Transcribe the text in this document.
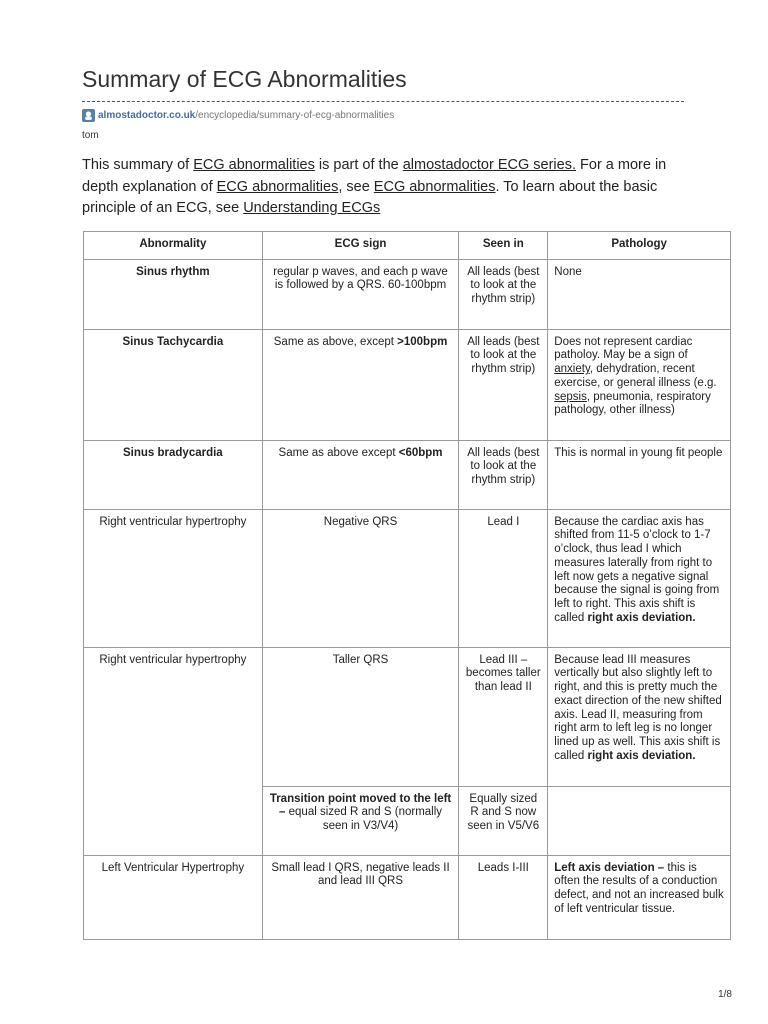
Summary of ECG Abnormalities
almostadoctor.co.uk /encyclopedia/summary-of-ecg-abnormalities
tom

This summary of ECG abnormalities is part of the almostadoctor ECG series. For a more in depth explanation of ECG abnormalities, see ECG abnormalities. To learn about the basic principle of an ECG, see Understanding ECGs

Abnormality	ECG sign	Seen in	Pathology
Sinus rhythm	regular p waves, and each p wave is followed by a QRS. 60-100bpm	All leads (best to look at the rhythm strip)	None
Sinus Tachycardia	Same as above, except >100bpm	All leads (best to look at the rhythm strip)	Does not represent cardiac patholoy. May be a sign of anxiety, dehydration, recent exercise, or general illness (e.g. sepsis, pneumonia, respiratory pathology, other illness)
Sinus bradycardia	Same as above except <60bpm	All leads (best to look at the rhythm strip)	This is normal in young fit people
Right ventricular hypertrophy	Negative QRS	Lead I	Because the cardiac axis has shifted from 11-5 o’clock to 1-7 o’clock, thus lead I which measures laterally from right to left now gets a negative signal because the signal is going from left to right. This axis shift is called right axis deviation.
Right ventricular hypertrophy	Taller QRS	Lead III – becomes taller than lead II	Because lead III measures vertically but also slightly left to right, and this is pretty much the exact direction of the new shifted axis. Lead II, measuring from right arm to left leg is no longer lined up as well. This axis shift is called right axis deviation.
	Transition point moved to the left – equal sized R and S (normally seen in V3/V4)	Equally sized R and S now seen in V5/V6	
Left Ventricular Hypertrophy	Small lead I QRS, negative leads II and lead III QRS	Leads I-III	Left axis deviation – this is often the results of a conduction defect, and not an increased bulk of left ventricular tissue.
1/8
